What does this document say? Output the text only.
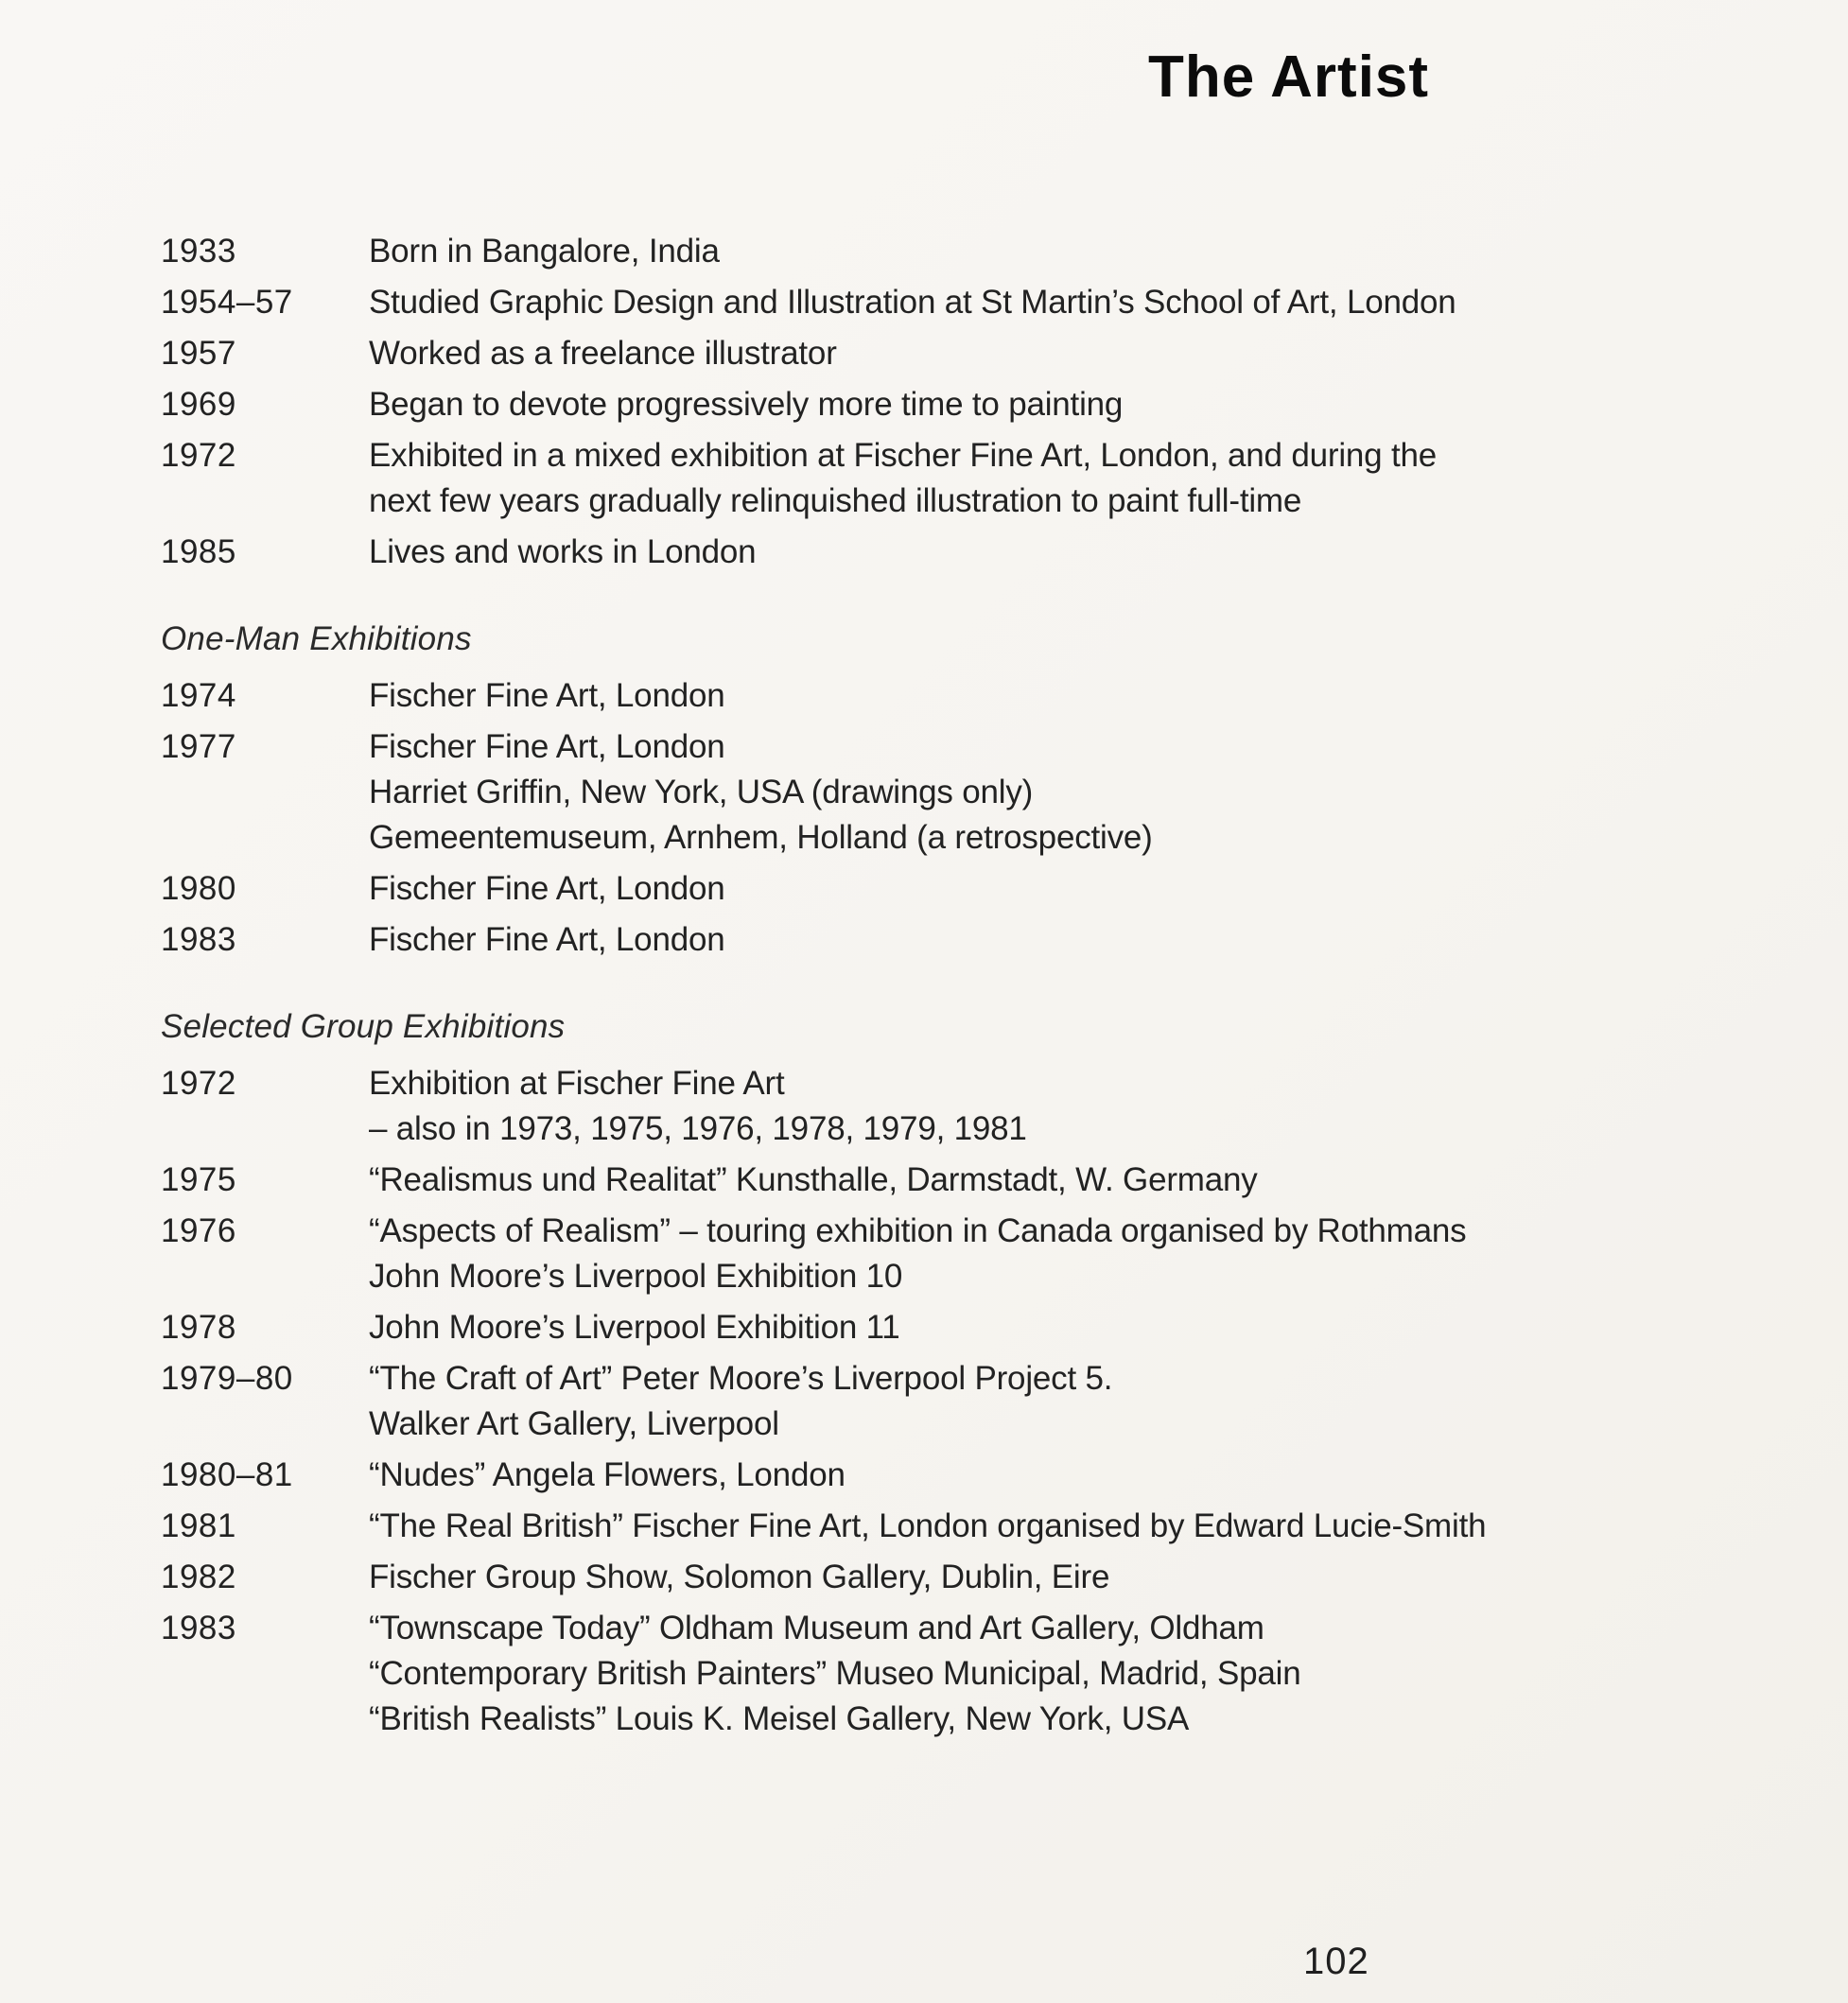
The Artist
1933	Born in Bangalore, India
1954–57	Studied Graphic Design and Illustration at St Martin’s School of Art, London
1957	Worked as a freelance illustrator
1969	Began to devote progressively more time to painting
1972	Exhibited in a mixed exhibition at Fischer Fine Art, London, and during the
next few years gradually relinquished illustration to paint full-time
1985	Lives and works in London
One-Man Exhibitions
1974	Fischer Fine Art, London
1977	Fischer Fine Art, London
Harriet Griffin, New York, USA (drawings only)
Gemeentemuseum, Arnhem, Holland (a retrospective)
1980	Fischer Fine Art, London
1983	Fischer Fine Art, London
Selected Group Exhibitions
1972	Exhibition at Fischer Fine Art
– also in 1973, 1975, 1976, 1978, 1979, 1981
1975	“Realismus und Realitat” Kunsthalle, Darmstadt, W. Germany
1976	“Aspects of Realism” – touring exhibition in Canada organised by Rothmans
John Moore’s Liverpool Exhibition 10
1978	John Moore’s Liverpool Exhibition 11
1979–80	“The Craft of Art” Peter Moore’s Liverpool Project 5.
Walker Art Gallery, Liverpool
1980–81	“Nudes” Angela Flowers, London
1981	“The Real British” Fischer Fine Art, London organised by Edward Lucie-Smith
1982	Fischer Group Show, Solomon Gallery, Dublin, Eire
1983	“Townscape Today” Oldham Museum and Art Gallery, Oldham
“Contemporary British Painters” Museo Municipal, Madrid, Spain
“British Realists” Louis K. Meisel Gallery, New York, USA
102
